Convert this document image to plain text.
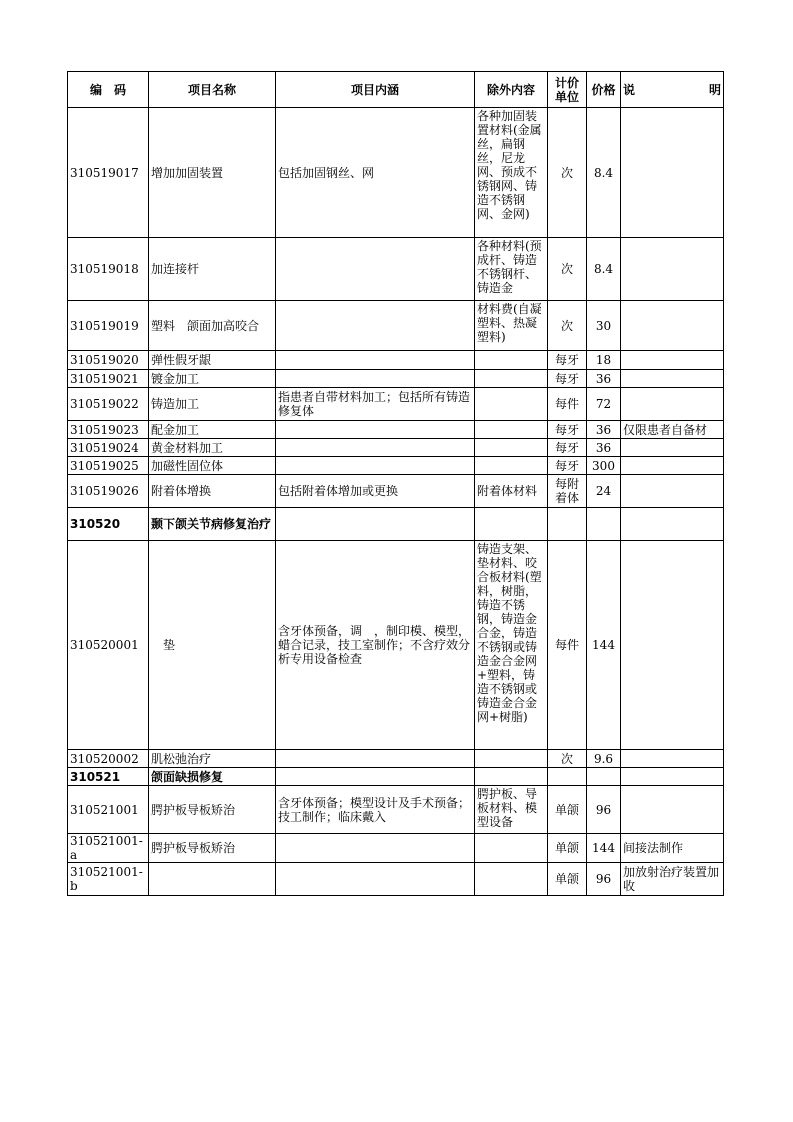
编　码	项目名称	项目内涵	除外内容	计价单位	价格	说　　　　明
310519017	增加加固装置	包括加固钢丝、网	各种加固装置材料(金属丝，扁钢丝，尼龙网、预成不锈钢网、铸造不锈钢网、金网)	次	8.4	
310519018	加连接杆		各种材料(预成杆、铸造不锈钢杆、铸造金	次	8.4	
310519019	塑料　颌面加高咬合		材料费(自凝塑料、热凝塑料)	次	30	
310519020	弹性假牙龈			每牙	18	
310519021	镀金加工			每牙	36	
310519022	铸造加工	指患者自带材料加工；包括所有铸造修复体		每件	72	
310519023	配金加工			每牙	36	仅限患者自备材
310519024	黄金材料加工			每牙	36	
310519025	加磁性固位体			每牙	300	
310519026	附着体增换	包括附着体增加或更换	附着体材料	每附着体	24	
310520	颞下颌关节病修复治疗					
310520001	　垫	含牙体预备，调　，制印模、模型，蜡合记录，技工室制作；不含疗效分析专用设备检查	铸造支架、垫材料、咬合板材料(塑料，树脂，铸造不锈钢，铸造金合金，铸造不锈钢或铸造金合金网+塑料，铸造不锈钢或铸造金合金网+树脂)	每件	144	
310520002	肌松弛治疗			次	9.6	
310521	颌面缺损修复					
310521001	腭护板导板矫治	含牙体预备；模型设计及手术预备；　技工制作；临床戴入	腭护板、导板材料、模型设备	单颌	96	
310521001-a	腭护板导板矫治			单颌	144	间接法制作
310521001-b				单颌	96	加放射治疗装置加收
